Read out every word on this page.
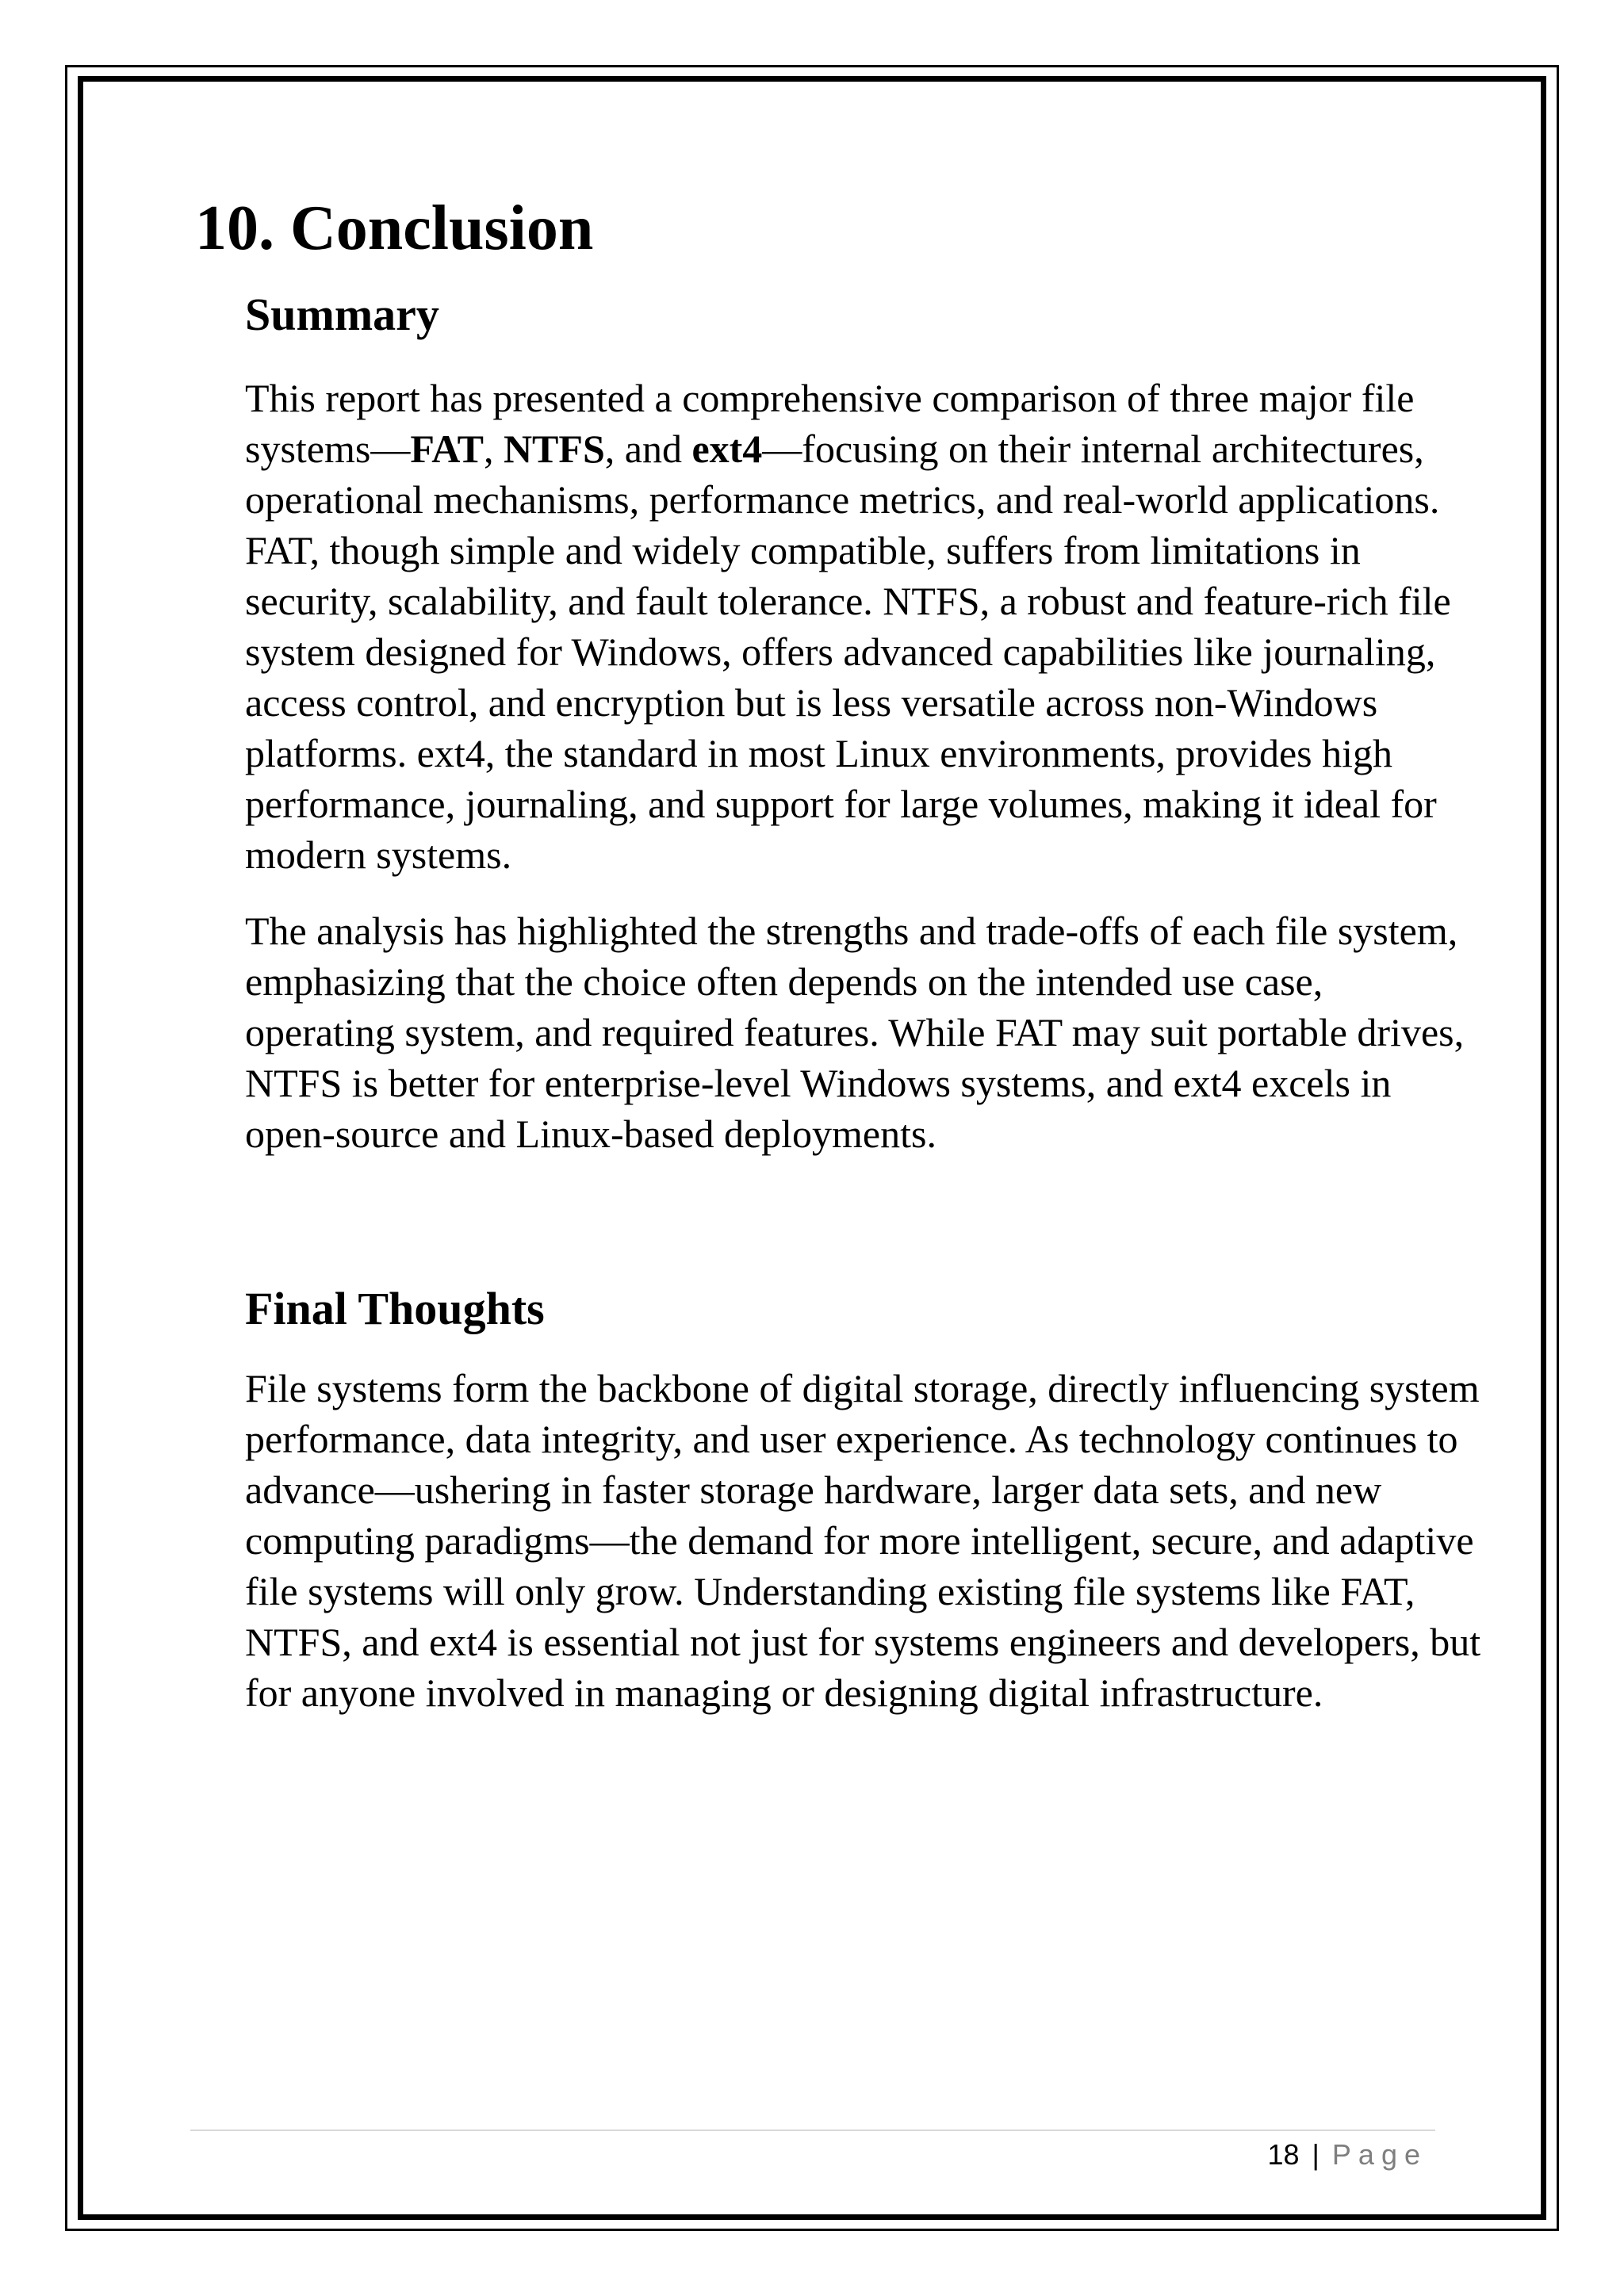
10. Conclusion
Summary

This report has presented a comprehensive comparison of three major file systems—FAT, NTFS, and ext4—focusing on their internal architectures, operational mechanisms, performance metrics, and real-world applications. FAT, though simple and widely compatible, suffers from limitations in security, scalability, and fault tolerance. NTFS, a robust and feature-rich file system designed for Windows, offers advanced capabilities like journaling, access control, and encryption but is less versatile across non-Windows platforms. ext4, the standard in most Linux environments, provides high performance, journaling, and support for large volumes, making it ideal for modern systems.

The analysis has highlighted the strengths and trade-offs of each file system, emphasizing that the choice often depends on the intended use case, operating system, and required features. While FAT may suit portable drives, NTFS is better for enterprise-level Windows systems, and ext4 excels in open-source and Linux-based deployments.

Final Thoughts

File systems form the backbone of digital storage, directly influencing system performance, data integrity, and user experience. As technology continues to advance—ushering in faster storage hardware, larger data sets, and new computing paradigms—the demand for more intelligent, secure, and adaptive file systems will only grow. Understanding existing file systems like FAT, NTFS, and ext4 is essential not just for systems engineers and developers, but for anyone involved in managing or designing digital infrastructure.

18 | Page
